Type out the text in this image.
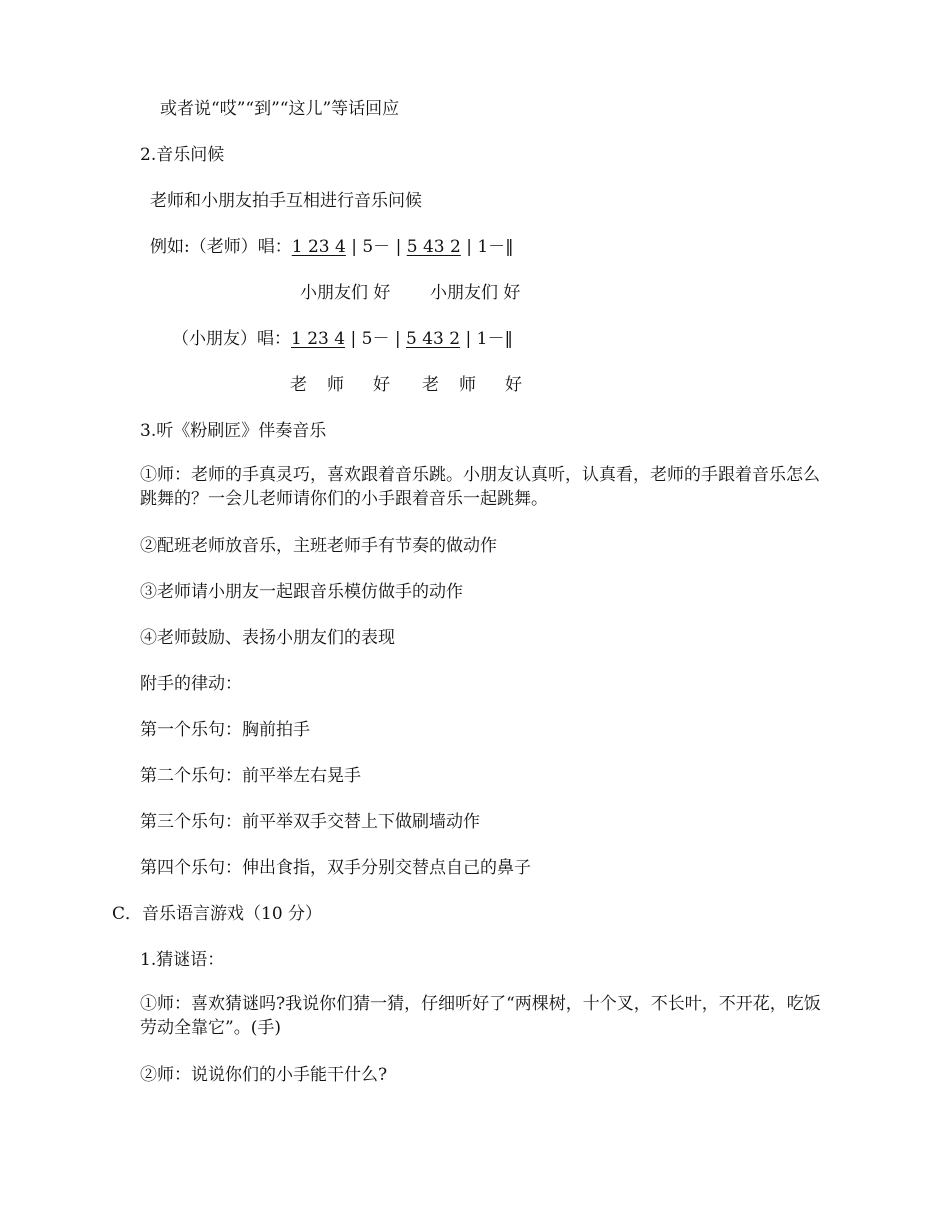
或者说“哎”“到”“这儿”等话回应
2.音乐问候
老师和小朋友拍手互相进行音乐问候
例如:（老师）唱：1 23 4 | 5－ | 5 43 2 | 1－‖
小朋友们 好 小朋友们 好
（小朋友）唱：1 23 4 | 5－ | 5 43 2 | 1－‖
老 师 好 老 师 好
3.听《粉刷匠》伴奏音乐
①师：老师的手真灵巧，喜欢跟着音乐跳。小朋友认真听，认真看，老师的手跟着音乐怎么跳舞的？一会儿老师请你们的小手跟着音乐一起跳舞。
②配班老师放音乐，主班老师手有节奏的做动作
③老师请小朋友一起跟音乐模仿做手的动作
④老师鼓励、表扬小朋友们的表现
附手的律动：
第一个乐句：胸前拍手
第二个乐句：前平举左右晃手
第三个乐句：前平举双手交替上下做刷墙动作
第四个乐句：伸出食指，双手分别交替点自己的鼻子
C．音乐语言游戏（10 分）
1.猜谜语：
①师：喜欢猜谜吗?我说你们猜一猜，仔细听好了“两棵树，十个叉，不长叶，不开花，吃饭劳动全靠它”。(手)
②师：说说你们的小手能干什么?
